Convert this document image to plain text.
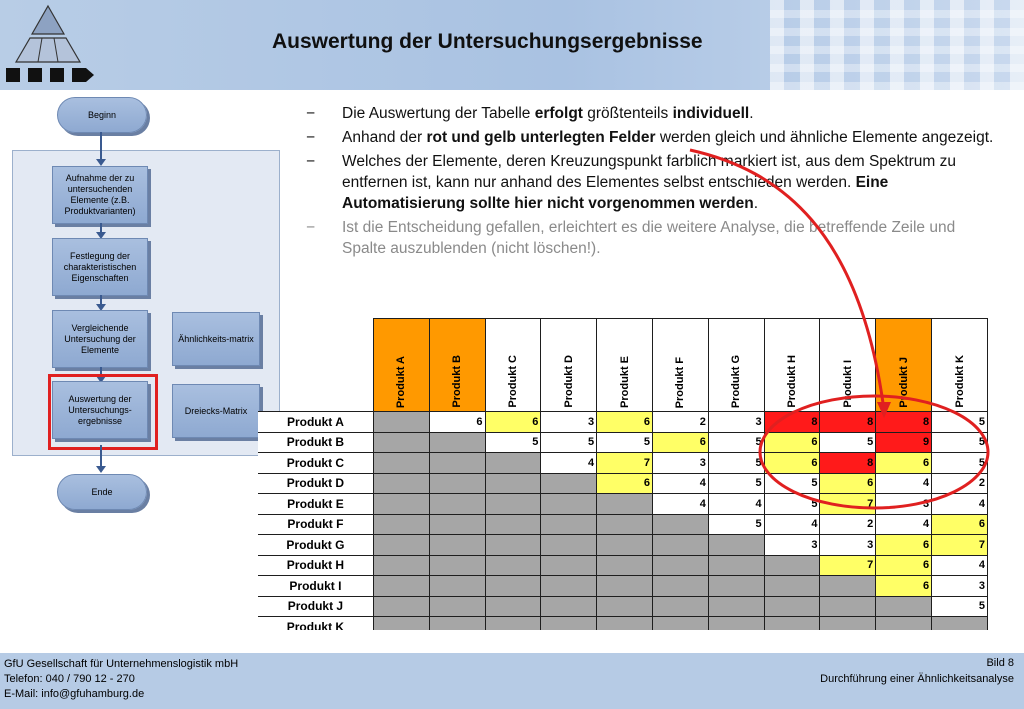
Auswertung der Untersuchungsergebnisse
Beginn
Aufnahme der zu untersuchenden Elemente (z.B. Produktvarianten)
Festlegung der charakteristischen Eigenschaften
Vergleichende Untersuchung der Elemente
Auswertung der Untersuchungs-ergebnisse
Ähnlichkeits-matrix
Dreiecks-Matrix
Ende
− Die Auswertung der Tabelle erfolgt größtenteils individuell.
− Anhand der rot und gelb unterlegten Felder werden gleich und ähnliche Elemente angezeigt.
− Welches der Elemente, deren Kreuzungspunkt farblich markiert ist, aus dem Spektrum zu entfernen ist, kann nur anhand des Elementes selbst entschieden werden. Eine Automatisierung sollte hier nicht vorgenommen werden.
− Ist die Entscheidung gefallen, erleichtert es die weitere Analyse, die betreffende Zeile und Spalte auszublenden (nicht löschen!).
	Produkt A	Produkt B	Produkt C	Produkt D	Produkt E	Produkt F	Produkt G	Produkt H	Produkt I	Produkt J	Produkt K
Produkt A		6	6	3	6	2	3	8	8	8	5
Produkt B			5	5	5	6	5	6	5	9	5
Produkt C				4	7	3	5	6	8	6	5
Produkt D					6	4	5	5	6	4	2
Produkt E						4	4	5	7	3	4
Produkt F							5	4	2	4	6
Produkt G								3	3	6	7
Produkt H									7	6	4
Produkt I										6	3
Produkt J											5
Produkt K											
GfU Gesellschaft für Unternehmenslogistik mbH
Telefon: 040 / 790 12 - 270
E-Mail: info@gfuhamburg.de
Bild 8
Durchführung einer Ähnlichkeitsanalyse
